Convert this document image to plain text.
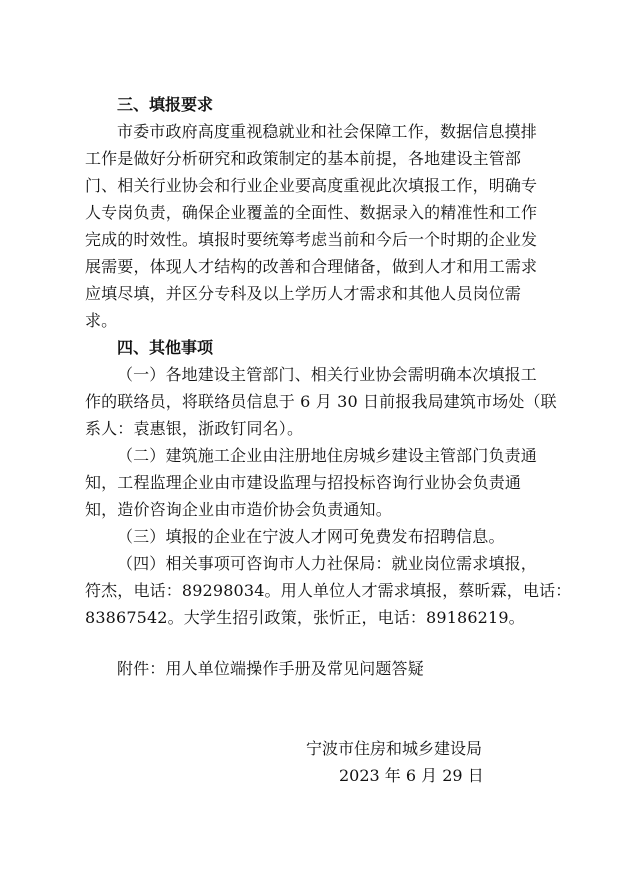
三、填报要求
市委市政府高度重视稳就业和社会保障工作，数据信息摸排
工作是做好分析研究和政策制定的基本前提，各地建设主管部
门、相关行业协会和行业企业要高度重视此次填报工作，明确专
人专岗负责，确保企业覆盖的全面性、数据录入的精准性和工作
完成的时效性。填报时要统筹考虑当前和今后一个时期的企业发
展需要，体现人才结构的改善和合理储备，做到人才和用工需求
应填尽填，并区分专科及以上学历人才需求和其他人员岗位需
求。
四、其他事项
（一）各地建设主管部门、相关行业协会需明确本次填报工
作的联络员，将联络员信息于 6 月 30 日前报我局建筑市场处（联
系人：袁惠银，浙政钉同名）。
（二）建筑施工企业由注册地住房城乡建设主管部门负责通
知，工程监理企业由市建设监理与招投标咨询行业协会负责通
知，造价咨询企业由市造价协会负责通知。
（三）填报的企业在宁波人才网可免费发布招聘信息。
（四）相关事项可咨询市人力社保局：就业岗位需求填报，
符杰，电话：89298034。用人单位人才需求填报，蔡昕霖，电话：
83867542。大学生招引政策，张忻正，电话：89186219。
附件：用人单位端操作手册及常见问题答疑
宁波市住房和城乡建设局
2023 年 6 月 29 日
